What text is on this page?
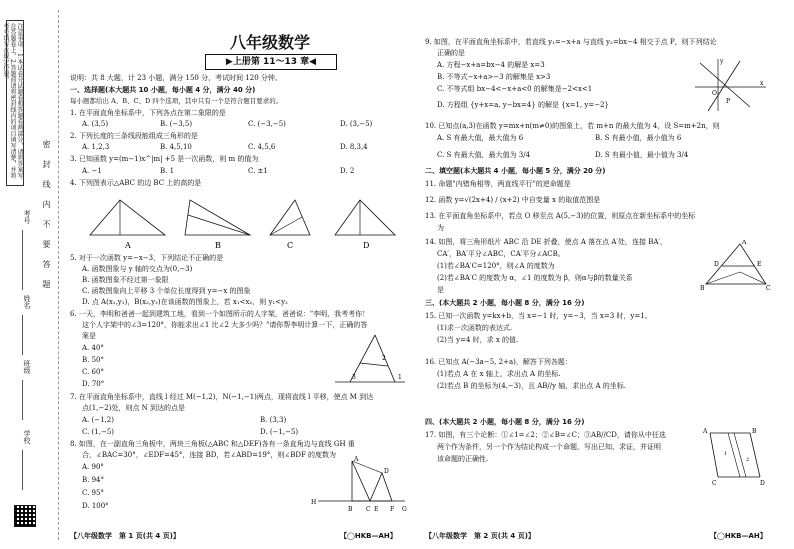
注意事项：1.本试卷分试题卷和答题卷两部分，请将答案写在答题卷上。2.答题前请将密封线内的项目填写清楚，并将考号填写在规定位置。
密　封　线　内　不　要　答　题
考号
姓名
班级
学校
八年级数学
▶上册第 11～13 章◀
说明：共 8 大题，计 23 小题，满分 150 分，考试时间 120 分钟。
一、选择题(本大题共 10 小题，每小题 4 分，满分 40 分)
每小题都给出 A、B、C、D 四个选项，其中只有一个是符合题目要求的。
1. 在平面直角坐标系中，下列各点在第二象限的是
A. (3,5)	B. (−3,5)	C. (−3,−5)	D. (3,−5)
2. 下列长度的三条线段能组成三角形的是
A. 1,2,3	B. 4,5,10	C. 4,5,6	D. 8,3,4
3. 已知函数 y=(m−1)x^|m| +5 是一次函数，则 m 的值为
A. −1	B. 1	C. ±1	D. 2
4. 下列图表示△ABC 的边 BC 上的高的是
A	B	C	D
5. 对于一次函数 y=−x−3，下列结论不正确的是
A. 函数图象与 y 轴的交点为(0,−3)
B. 函数图象不经过第一象限
C. 函数图象向上平移 3 个单位长度得到 y=−x 的图象
D. 点 A(x₁,y₁)，B(x₂,y₂)在该函数的图象上，若 x₁<x₂，则 y₁<y₂
6. 一天，李明和爸爸一起到建筑工地，看到一个如图所示的人字架，爸爸说："李明，我考考你！
这个人字架中的∠3=120°，你能求出∠1 比∠2 大多少吗？"请你帮李明计算一下，正确的答
案是
A. 40°
B. 50°
C. 60°
D. 70°
3
2
1
7. 在平面直角坐标系中，直线 l 经过 M(−1,2)，N(−1,−1)两点，现将直线 l 平移，使点 M 到达
点(1,−2)处，则点 N 到达的点是
A. (−1,2)	B. (3,3)
C. (1,−5)	D. (−1,−5)
8. 如图，在一副直角三角板中，两块三角板(△ABC 和△DEF)各有一条直角边与直线 GH 重
合，∠BAC=30°，∠EDF=45°，连接 BD，若∠ABD=19°，则∠BDF 的度数为
A. 90°
B. 94°
C. 95°
D. 100°	H
A
D
B C E F G
【八年级数学　第 1 页(共 4 页)】	【◯HKB—AH】
9. 如图，在平面直角坐标系中，若直线 y₁=−x+a 与直线 y₂=bx−4 相交于点 P，则下列结论
正确的是
A. 方程−x+a=bx−4 的解是 x=3
B. 不等式−x+a>−3 的解集是 x>3
C. 不等式组 bx−4<−x+a<0 的解集是−2<x<1
D. 方程组 {y+x=a, y−bx=4} 的解是 {x=1, y=−2}
x
y
O
P
10. 已知点(a,3)在函数 y=mx+n(m≠0)的图象上，若 m+n 的最大值为 4，设 S=m+2n，则
A. S 有最大值，最大值为 6	B. S 有最小值，最小值为 6
C. S 有最大值，最大值为 3/4	D. S 有最小值，最小值为 3/4
二、填空题(本大题共 4 小题，每小题 5 分，满分 20 分)
11. 命题"内错角相等，两直线平行"的逆命题是
12. 函数 y=√(2x+4) / (x+2) 中自变量 x 的取值范围是
13. 在平面直角坐标系中，若点 O 移至点 A(5,−3)的位置，则原点在新坐标系中的坐标
为
14. 如图，将三角形纸片 ABC 沿 DE 折叠，使点 A 落在点 A′处，连接 BA′，
CA′，BA′平分∠ABC，CA′平分∠ACB。
(1)若∠BA′C=120°，则∠A 的度数为
(2)若∠BA′C 的度数为 α，∠1 的度数为 β，则α与β的数量关系
是
A
D	E
B	C
三、(本大题共 2 小题，每小题 8 分，满分 16 分)
15. 已知一次函数 y=kx+b，当 x=−1 时，y=−3，当 x=3 时，y=1。
(1)求一次函数的表达式.
(2)当 y=4 时，求 x 的值.
16. 已知点 A(−3a−5, 2+a)，解答下列各题：
(1)若点 A 在 x 轴上，求出点 A 的坐标.
(2)若点 B 的坐标为(4,−3)，且 AB//y 轴，求出点 A 的坐标.
四、(本大题共 2 小题，每小题 8 分，满分 16 分)
17. 如图，有三个论断：①∠1=∠2；②∠B=∠C；③AB//CD，请你从中任选
两个作为条件，另一个作为结论构成一个命题，写出已知、求证，并证明
该命题的正确性.
A	B
C	D
1
2
【八年级数学　第 2 页(共 4 页)】	【◯HKB—AH】
